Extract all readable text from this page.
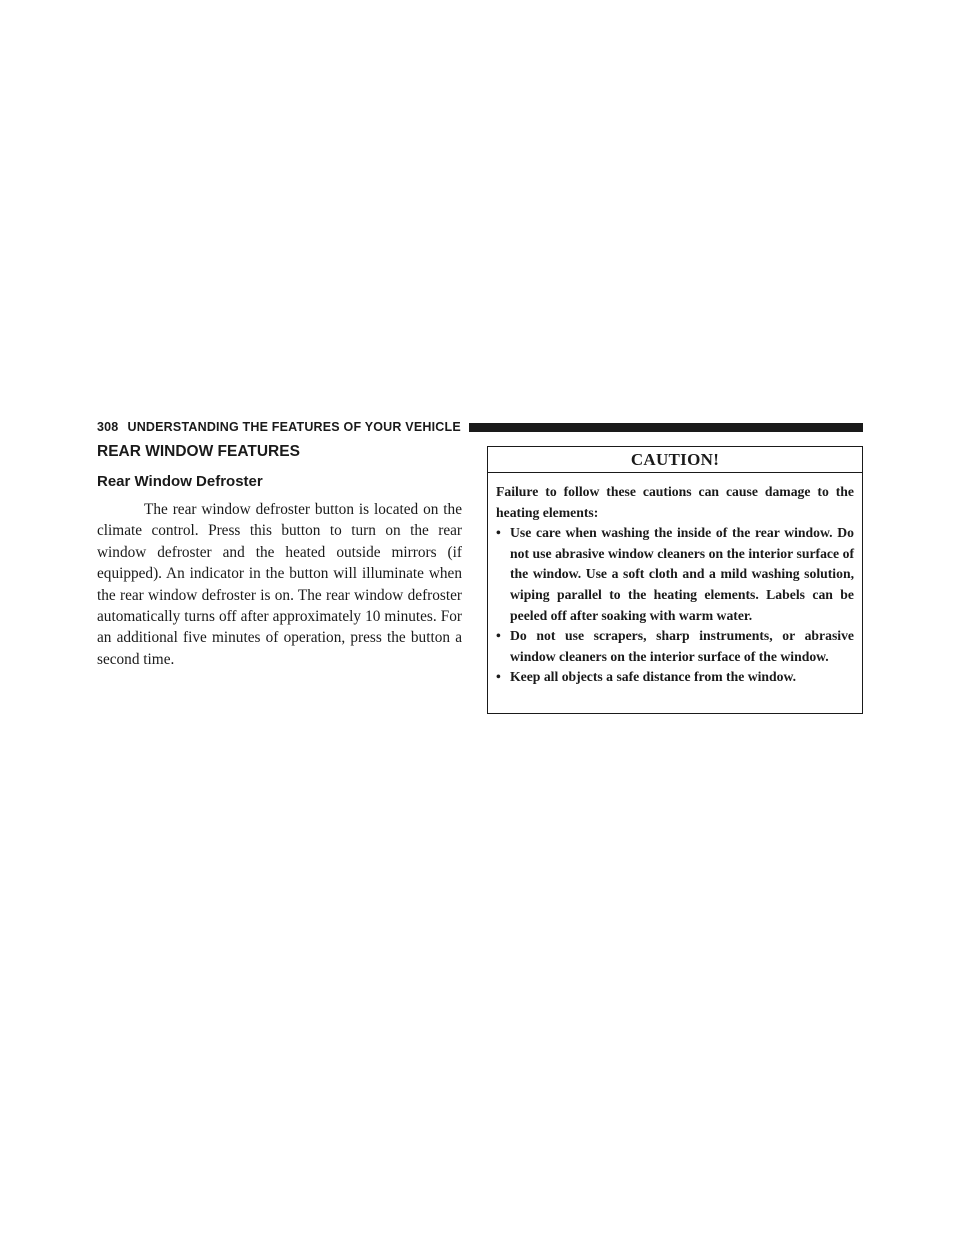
308 UNDERSTANDING THE FEATURES OF YOUR VEHICLE
REAR WINDOW FEATURES
Rear Window Defroster

The rear window defroster button is located on the climate control. Press this button to turn on the rear window defroster and the heated outside mirrors (if equipped). An indicator in the button will illuminate when the rear window defroster is on. The rear window defroster automatically turns off after approximately 10 minutes. For an additional five minutes of operation, press the button a second time.

CAUTION!
Failure to follow these cautions can cause damage to the heating elements:
• Use care when washing the inside of the rear window. Do not use abrasive window cleaners on the interior surface of the window. Use a soft cloth and a mild washing solution, wiping parallel to the heating elements. Labels can be peeled off after soaking with warm water.
• Do not use scrapers, sharp instruments, or abrasive window cleaners on the interior surface of the window.
• Keep all objects a safe distance from the window.
